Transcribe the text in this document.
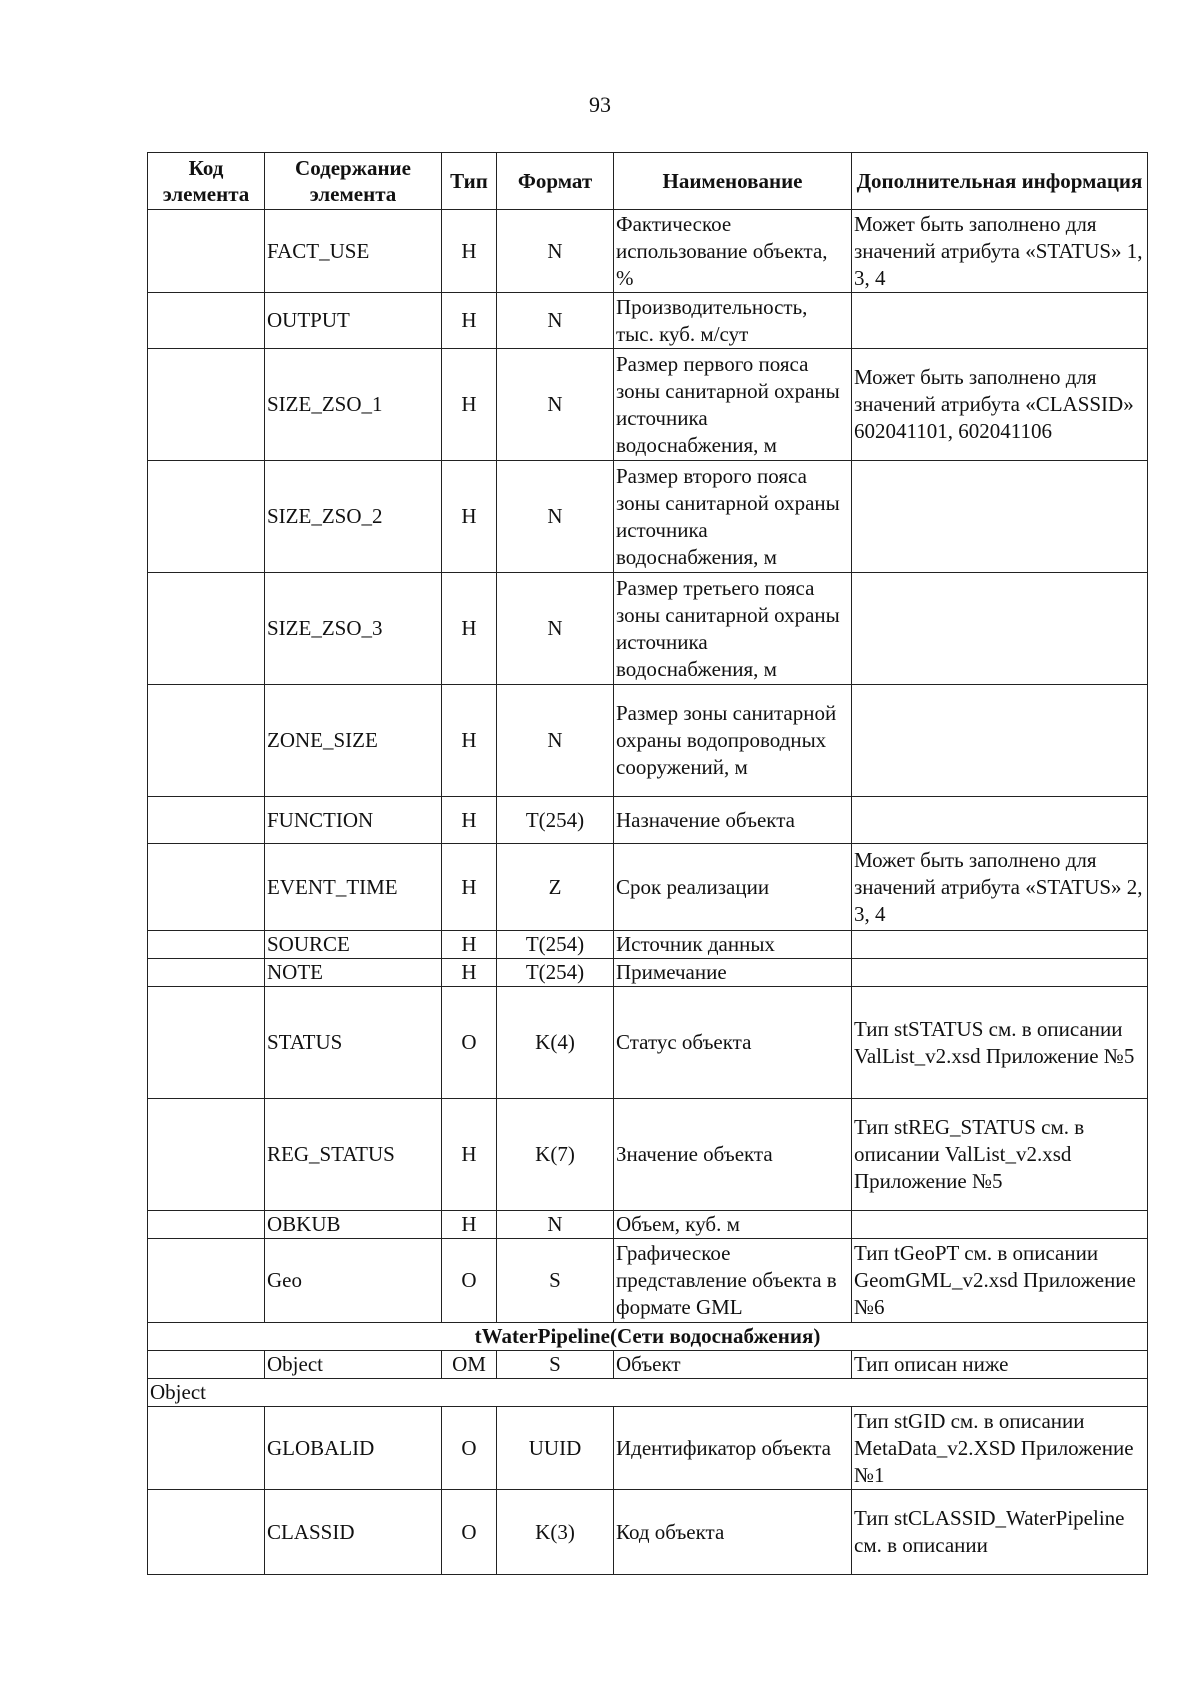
93
Код элемента	Содержание элемента	Тип	Формат	Наименование	Дополнительная информация
	FACT_USE	Н	N	Фактическое использование объекта, %	Может быть заполнено для значений атрибута «STATUS» 1, 3, 4
	OUTPUT	Н	N	Производительность, тыс. куб. м/сут	
	SIZE_ZSO_1	Н	N	Размер первого пояса зоны санитарной охраны источника водоснабжения, м	Может быть заполнено для значений атрибута «CLASSID» 602041101, 602041106
	SIZE_ZSO_2	Н	N	Размер второго пояса зоны санитарной охраны источника водоснабжения, м	
	SIZE_ZSO_3	Н	N	Размер третьего пояса зоны санитарной охраны источника водоснабжения, м	
	ZONE_SIZE	Н	N	Размер зоны санитарной охраны водопроводных сооружений, м	
	FUNCTION	Н	T(254)	Назначение объекта	
	EVENT_TIME	Н	Z	Срок реализации	Может быть заполнено для значений атрибута «STATUS» 2, 3, 4
	SOURCE	Н	T(254)	Источник данных	
	NOTE	Н	T(254)	Примечание	
	STATUS	О	K(4)	Статус объекта	Тип stSTATUS см. в описании ValList_v2.xsd Приложение №5
	REG_STATUS	Н	K(7)	Значение объекта	Тип stREG_STATUS см. в описании ValList_v2.xsd Приложение №5
	OBKUB	Н	N	Объем, куб. м	
	Geo	О	S	Графическое представление объекта в формате GML	Тип tGeoPT см. в описании GeomGML_v2.xsd Приложение №6
tWaterPipeline(Сети водоснабжения)					
	Object	ОМ	S	Объект	Тип описан ниже
Object					
	GLOBALID	О	UUID	Идентификатор объекта	Тип stGID см. в описании MetaData_v2.XSD Приложение №1
	CLASSID	О	K(3)	Код объекта	Тип stCLASSID_WaterPipeline см. в описании
